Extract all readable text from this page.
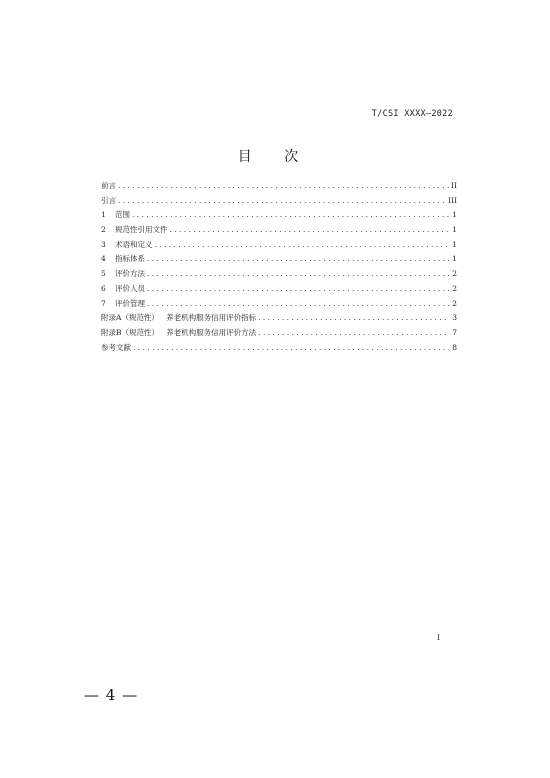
T/CSI XXXX—2022
目 次
前言 . . .	II
引言 . . .	III
1	范围 . . .	1
2	规范性引用文件 . . .	1
3	术语和定义 . . .	1
4	指标体系 . . .	1
5	评价方法 . . .	2
6	评价人员 . . .	2
7	评价管理 . . .	2
附录A（规范性）   养老机构服务信用评价指标 . . .	3
附录B（规范性）   养老机构服务信用评价方法 . . .	7
参考文献 . . .	8
I
— 4 —
